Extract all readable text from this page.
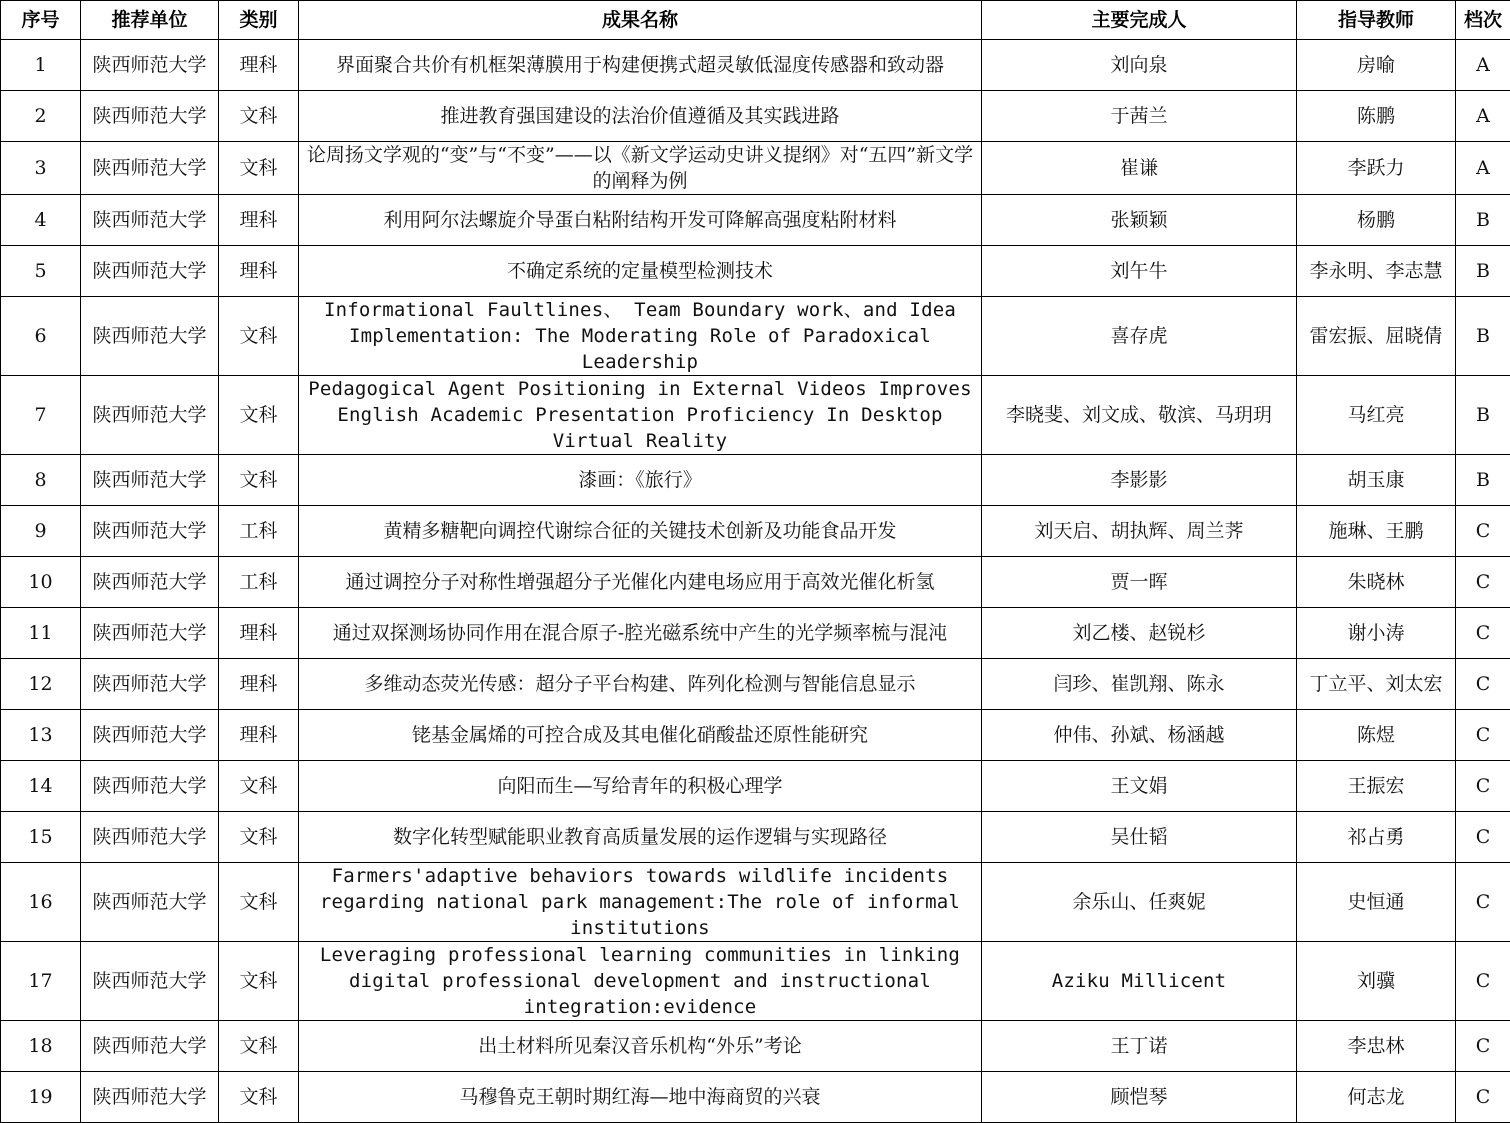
序号	推荐单位	类别	成果名称	主要完成人	指导教师	档次
1	陕西师范大学	理科	界面聚合共价有机框架薄膜用于构建便携式超灵敏低湿度传感器和致动器	刘向泉	房喻	A
2	陕西师范大学	文科	推进教育强国建设的法治价值遵循及其实践进路	于茜兰	陈鹏	A
3	陕西师范大学	文科	论周扬文学观的“变”与“不变”——以《新文学运动史讲义提纲》对“五四”新文学的阐释为例	崔谦	李跃力	A
4	陕西师范大学	理科	利用阿尔法螺旋介导蛋白粘附结构开发可降解高强度粘附材料	张颖颖	杨鹏	B
5	陕西师范大学	理科	不确定系统的定量模型检测技术	刘午牛	李永明、李志慧	B
6	陕西师范大学	文科	Informational Faultlines、 Team Boundary work、and Idea Implementation: The Moderating Role of Paradoxical Leadership	喜存虎	雷宏振、屈晓倩	B
7	陕西师范大学	文科	Pedagogical Agent Positioning in External Videos Improves English Academic Presentation Proficiency In Desktop Virtual Reality	李晓斐、刘文成、敬滨、马玥玥	马红亮	B
8	陕西师范大学	文科	漆画：《旅行》	李影影	胡玉康	B
9	陕西师范大学	工科	黄精多糖靶向调控代谢综合征的关键技术创新及功能食品开发	刘天启、胡执辉、周兰荠	施琳、王鹏	C
10	陕西师范大学	工科	通过调控分子对称性增强超分子光催化内建电场应用于高效光催化析氢	贾一晖	朱晓林	C
11	陕西师范大学	理科	通过双探测场协同作用在混合原子-腔光磁系统中产生的光学频率梳与混沌	刘乙楼、赵锐杉	谢小涛	C
12	陕西师范大学	理科	多维动态荧光传感：超分子平台构建、阵列化检测与智能信息显示	闫珍、崔凯翔、陈永	丁立平、刘太宏	C
13	陕西师范大学	理科	铑基金属烯的可控合成及其电催化硝酸盐还原性能研究	仲伟、孙斌、杨涵越	陈煜	C
14	陕西师范大学	文科	向阳而生—写给青年的积极心理学	王文娟	王振宏	C
15	陕西师范大学	文科	数字化转型赋能职业教育高质量发展的运作逻辑与实现路径	吴仕韬	祁占勇	C
16	陕西师范大学	文科	Farmers'adaptive behaviors towards wildlife incidents regarding national park management:The role of informal institutions	余乐山、任爽妮	史恒通	C
17	陕西师范大学	文科	Leveraging professional learning communities in linking digital professional development and instructional integration:evidence	Aziku Millicent	刘骥	C
18	陕西师范大学	文科	出土材料所见秦汉音乐机构“外乐”考论	王丁诺	李忠林	C
19	陕西师范大学	文科	马穆鲁克王朝时期红海—地中海商贸的兴衰	顾恺琴	何志龙	C
